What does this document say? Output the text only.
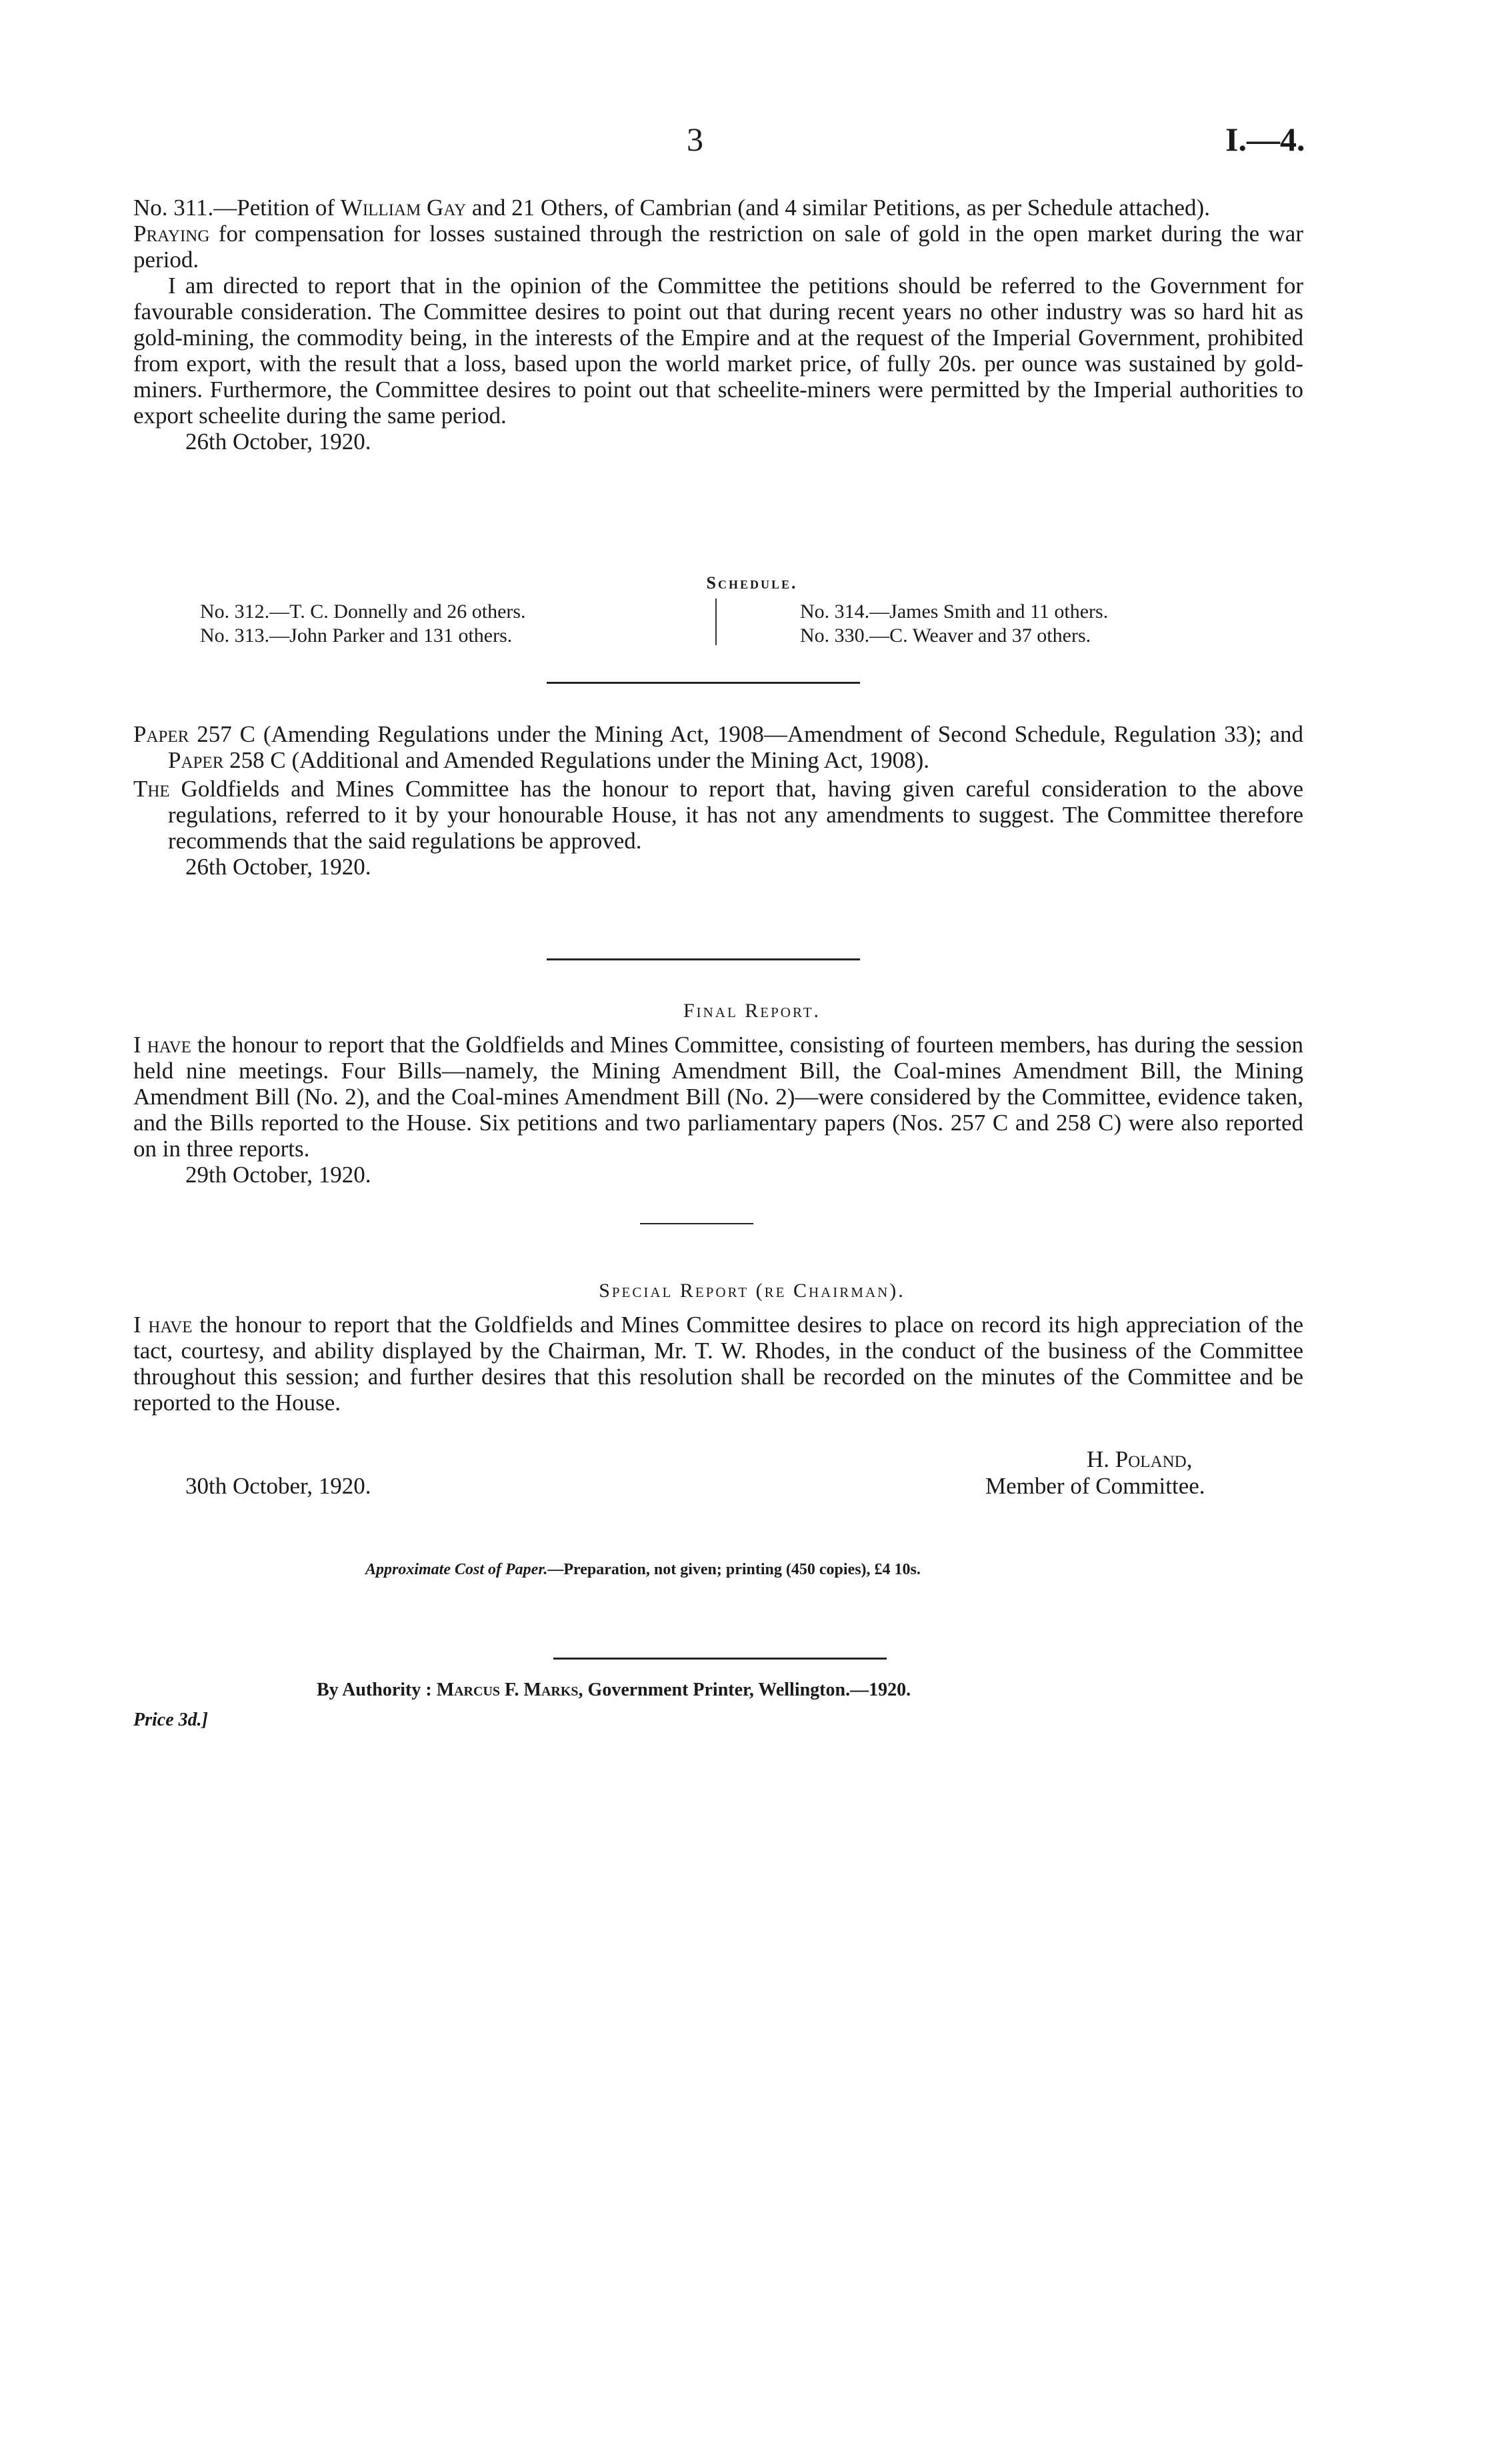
3	I.—4.

No. 311.—Petition of William Gay and 21 Others, of Cambrian (and 4 similar Petitions, as per Schedule attached).

Praying for compensation for losses sustained through the restriction on sale of gold in the open market during the war period.

I am directed to report that in the opinion of the Committee the petitions should be referred to the Government for favourable consideration. The Committee desires to point out that during recent years no other industry was so hard hit as gold-mining, the commodity being, in the interests of the Empire and at the request of the Imperial Government, prohibited from export, with the result that a loss, based upon the world market price, of fully 20s. per ounce was sustained by gold-miners. Furthermore, the Committee desires to point out that scheelite-miners were permitted by the Imperial authorities to export scheelite during the same period.

26th October, 1920.

Schedule.
No. 312.—T. C. Donnelly and 26 others.
No. 313.—John Parker and 131 others.
No. 314.—James Smith and 11 others.
No. 330.—C. Weaver and 37 others.

Paper 257 C (Amending Regulations under the Mining Act, 1908—Amendment of Second Schedule, Regulation 33); and Paper 258 C (Additional and Amended Regulations under the Mining Act, 1908).

The Goldfields and Mines Committee has the honour to report that, having given careful consideration to the above regulations, referred to it by your honourable House, it has not any amendments to suggest. The Committee therefore recommends that the said regulations be approved.

26th October, 1920.

Final Report.

I have the honour to report that the Goldfields and Mines Committee, consisting of fourteen members, has during the session held nine meetings. Four Bills—namely, the Mining Amendment Bill, the Coal-mines Amendment Bill, the Mining Amendment Bill (No. 2), and the Coal-mines Amendment Bill (No. 2)—were considered by the Committee, evidence taken, and the Bills reported to the House. Six petitions and two parliamentary papers (Nos. 257 C and 258 C) were also reported on in three reports.

29th October, 1920.

Special Report (re Chairman).

I have the honour to report that the Goldfields and Mines Committee desires to place on record its high appreciation of the tact, courtesy, and ability displayed by the Chairman, Mr. T. W. Rhodes, in the conduct of the business of the Committee throughout this session; and further desires that this resolution shall be recorded on the minutes of the Committee and be reported to the House.

H. Poland,
Member of Committee.
30th October, 1920.
Approximate Cost of Paper.—Preparation, not given; printing (450 copies), £4 10s.
By Authority : Marcus F. Marks, Government Printer, Wellington.—1920.
Price 3d.]
